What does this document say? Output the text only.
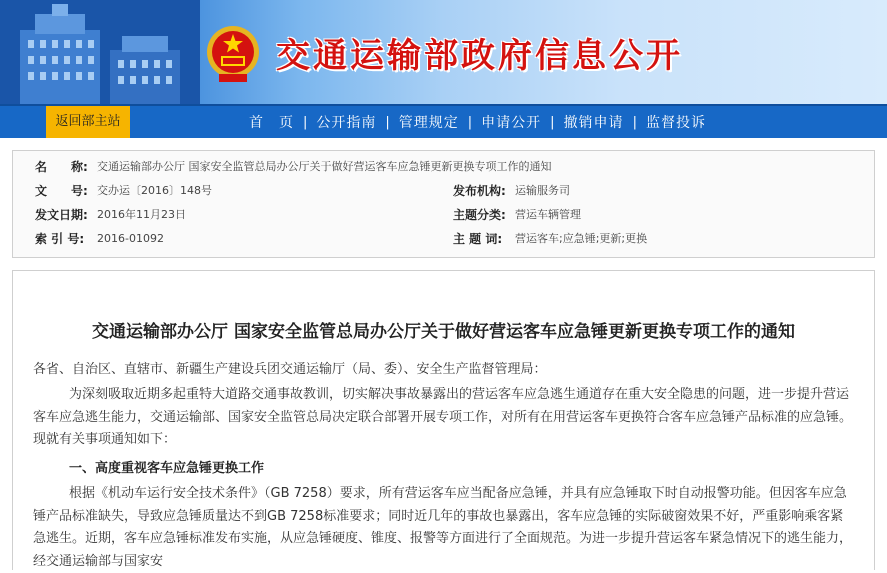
交通运输部政府信息公开
返回部主站	首　页 | 公开指南 | 管理规定 | 申请公开 | 撤销申请 | 监督投诉
名　　称: 交通运输部办公厅 国家安全监管总局办公厅关于做好营运客车应急锤更新更换专项工作的通知
文　　号: 交办运〔2016〕148号	发布机构: 运输服务司
发文日期: 2016年11月23日	主题分类: 营运车辆管理
索 引 号: 2016-01092	主 题 词: 营运客车;应急锤;更新;更换
交通运输部办公厅 国家安全监管总局办公厅关于做好营运客车应急锤更新更换专项工作的通知
各省、自治区、直辖市、新疆生产建设兵团交通运输厅（局、委）、安全生产监督管理局：
为深刻吸取近期多起重特大道路交通事故教训，切实解决事故暴露出的营运客车应急逃生通道存在重大安全隐患的问题，进一步提升营运客车应急逃生能力，交通运输部、国家安全监管总局决定联合部署开展专项工作，对所有在用营运客车更换符合客车应急锤产品标准的应急锤。现就有关事项通知如下：
一、高度重视客车应急锤更换工作
根据《机动车运行安全技术条件》（GB 7258）要求，所有营运客车应当配备应急锤，并具有应急锤取下时自动报警功能。但因客车应急锤产品标准缺失，导致应急锤质量达不到GB 7258标准要求；同时近几年的事故也暴露出，客车应急锤的实际破窗效果不好，严重影响乘客紧急逃生。近期，客车应急锤标准发布实施，从应急锤硬度、锥度、报警等方面进行了全面规范。为进一步提升营运客车紧急情况下的逃生能力，经交通运输部与国家安
